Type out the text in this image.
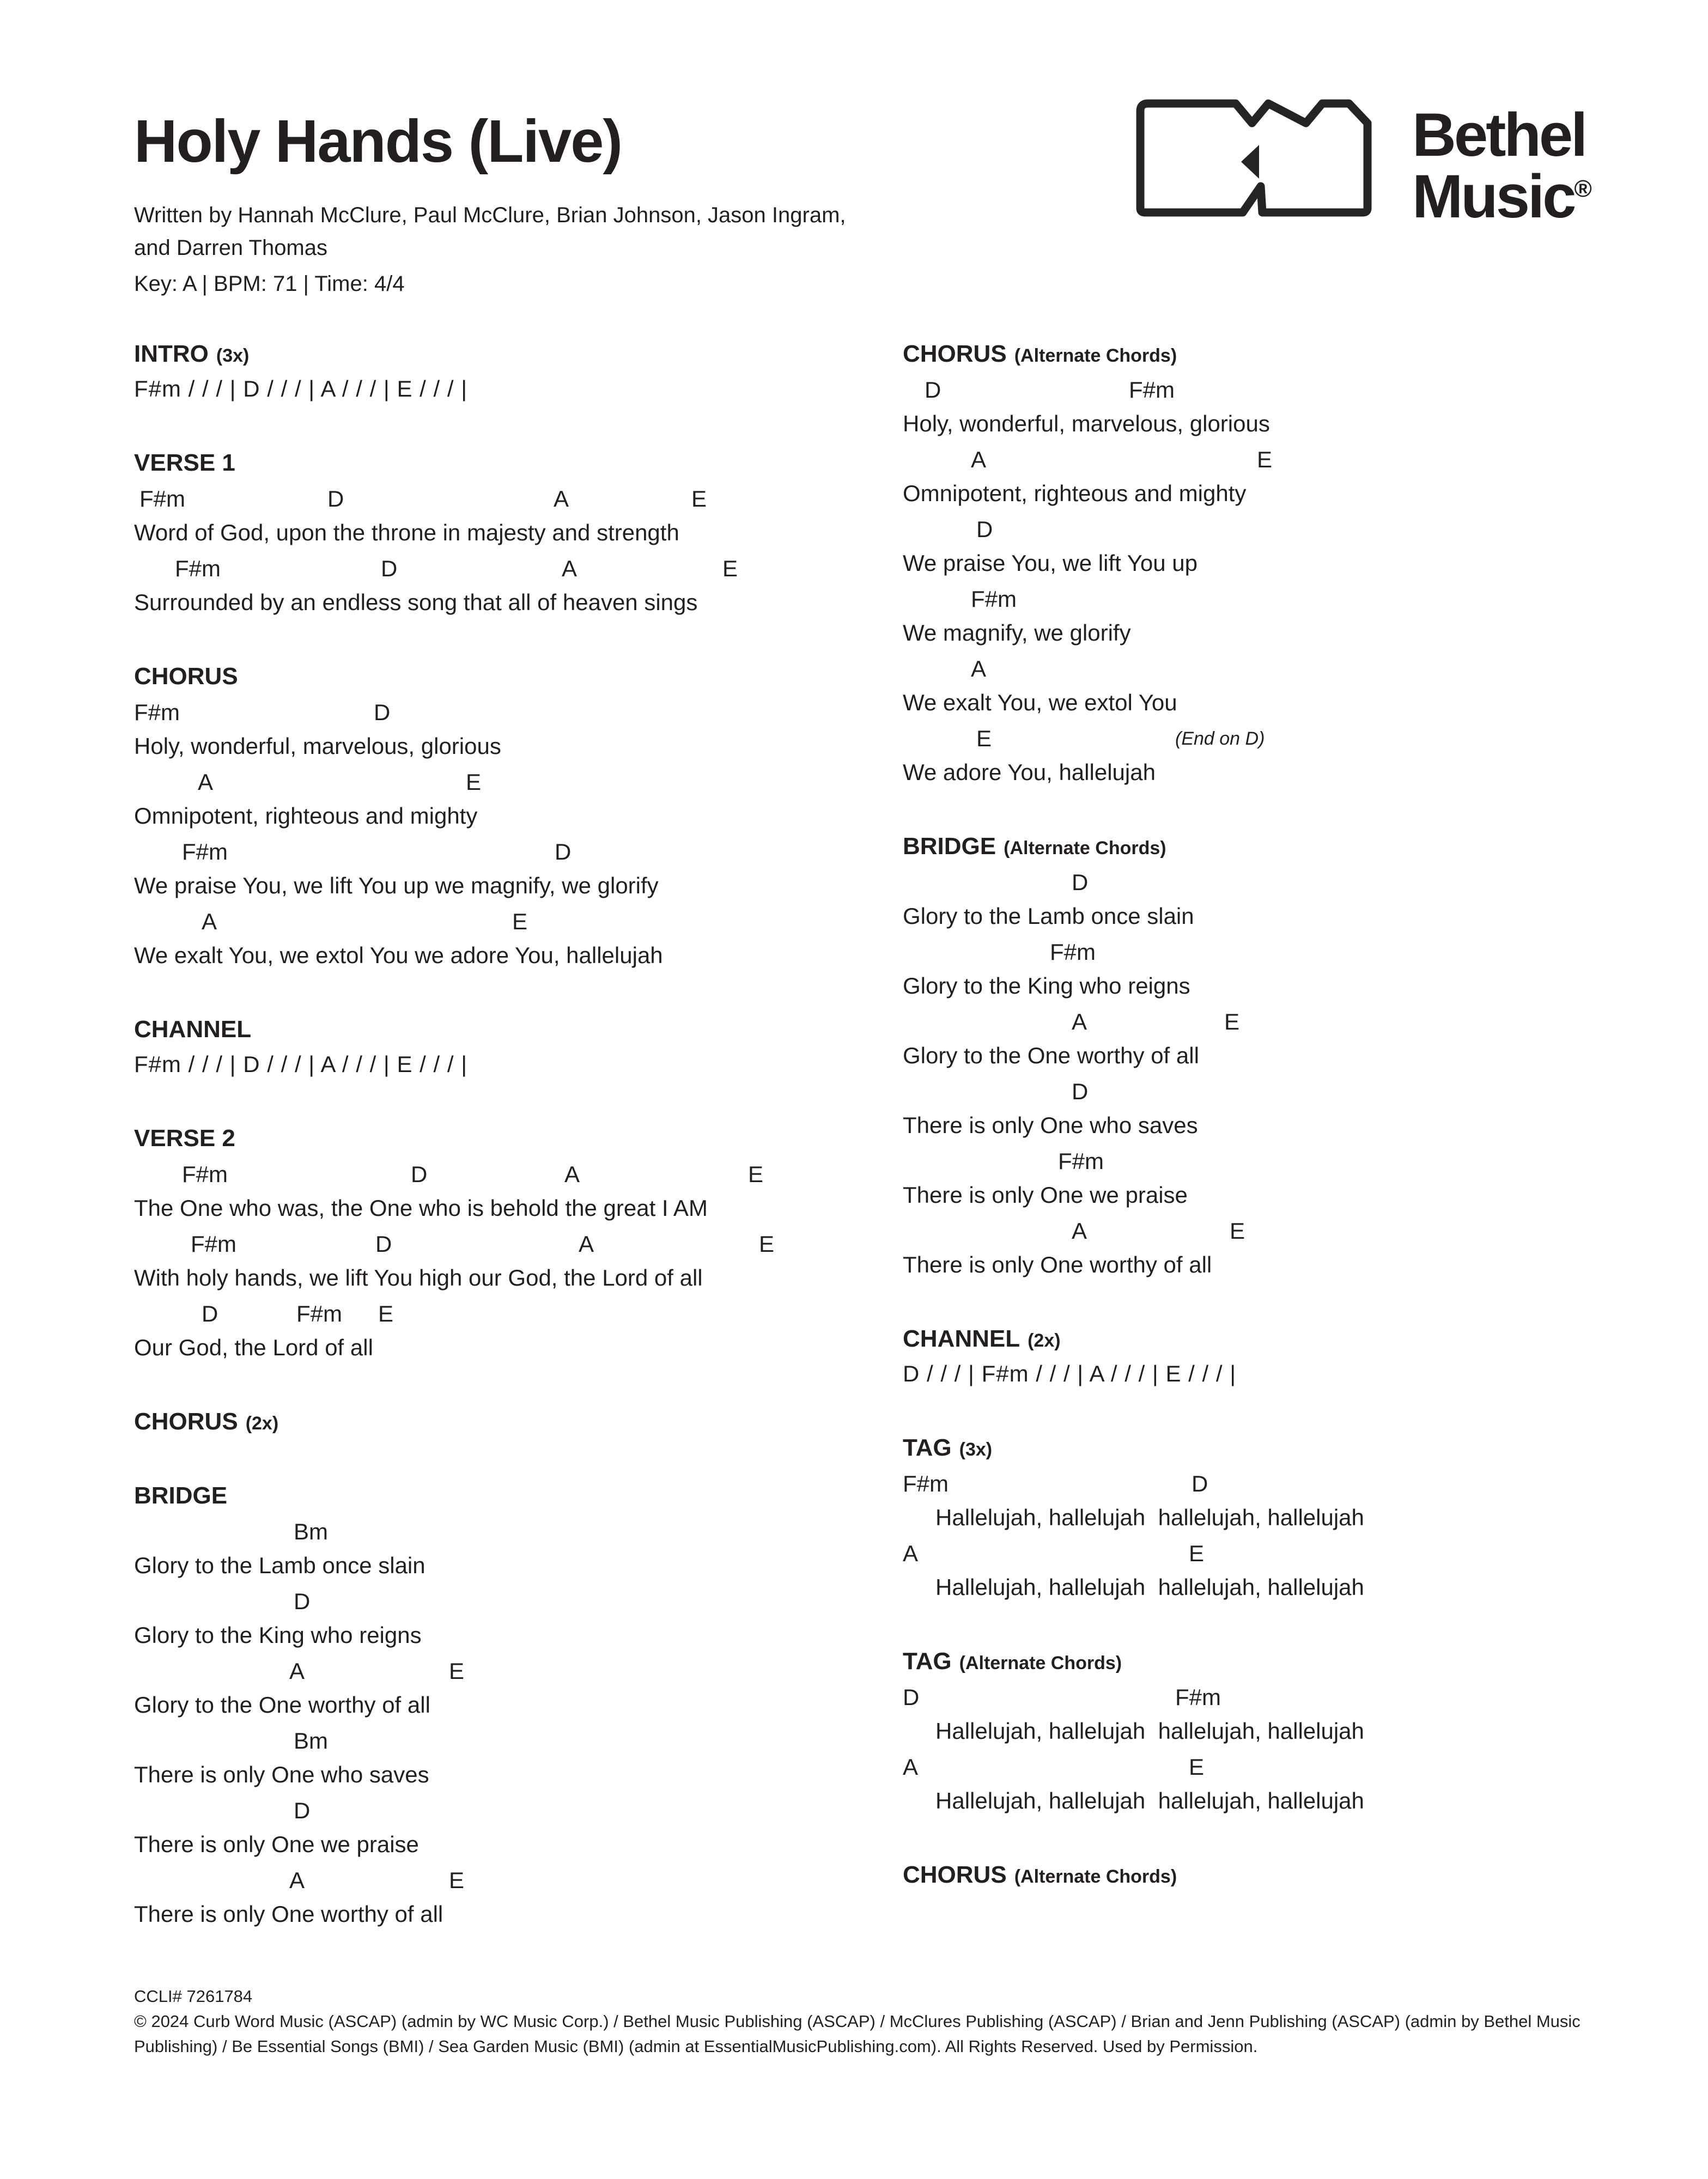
Holy Hands (Live)
Written by Hannah McClure, Paul McClure, Brian Johnson, Jason Ingram,
and Darren Thomas
Key: A | BPM: 71 | Time: 4/4
Bethel
Music®
INTRO (3x)
F#m / / / | D / / / | A / / / | E / / / |
VERSE 1
F#m	D	A	E
Word of God, upon the throne in majesty and strength
F#m	D	A	E
Surrounded by an endless song that all of heaven sings
CHORUS
F#m	D
Holy, wonderful, marvelous, glorious
A	E
Omnipotent, righteous and mighty
F#m	D
We praise You, we lift You up we magnify, we glorify
A	E
We exalt You, we extol You we adore You, hallelujah
CHANNEL
F#m / / / | D / / / | A / / / | E / / / |
VERSE 2
F#m	D	A	E
The One who was, the One who is behold the great I AM
F#m	D	A	E
With holy hands, we lift You high our God, the Lord of all
D	F#m E
Our God, the Lord of all
CHORUS (2x)
BRIDGE
Bm
Glory to the Lamb once slain
D
Glory to the King who reigns
A	E
Glory to the One worthy of all
Bm
There is only One who saves
D
There is only One we praise
A	E
There is only One worthy of all
CHORUS (Alternate Chords)
D	F#m
Holy, wonderful, marvelous, glorious
A	E
Omnipotent, righteous and mighty
D
We praise You, we lift You up
F#m
We magnify, we glorify
A
We exalt You, we extol You
E	(End on D)
We adore You, hallelujah
BRIDGE (Alternate Chords)
D
Glory to the Lamb once slain
F#m
Glory to the King who reigns
A	E
Glory to the One worthy of all
D
There is only One who saves
F#m
There is only One we praise
A	E
There is only One worthy of all
CHANNEL (2x)
D / / / | F#m / / / | A / / / | E / / / |
TAG (3x)
F#m	D
Hallelujah, hallelujah  hallelujah, hallelujah
A	E
Hallelujah, hallelujah  hallelujah, hallelujah
TAG (Alternate Chords)
D	F#m
Hallelujah, hallelujah  hallelujah, hallelujah
A	E
Hallelujah, hallelujah  hallelujah, hallelujah
CHORUS (Alternate Chords)
CCLI# 7261784
© 2024 Curb Word Music (ASCAP) (admin by WC Music Corp.) / Bethel Music Publishing (ASCAP) / McClures Publishing (ASCAP) / Brian and Jenn Publishing (ASCAP) (admin by Bethel Music Publishing) / Be Essential Songs (BMI) / Sea Garden Music (BMI) (admin at EssentialMusicPublishing.com). All Rights Reserved. Used by Permission.
